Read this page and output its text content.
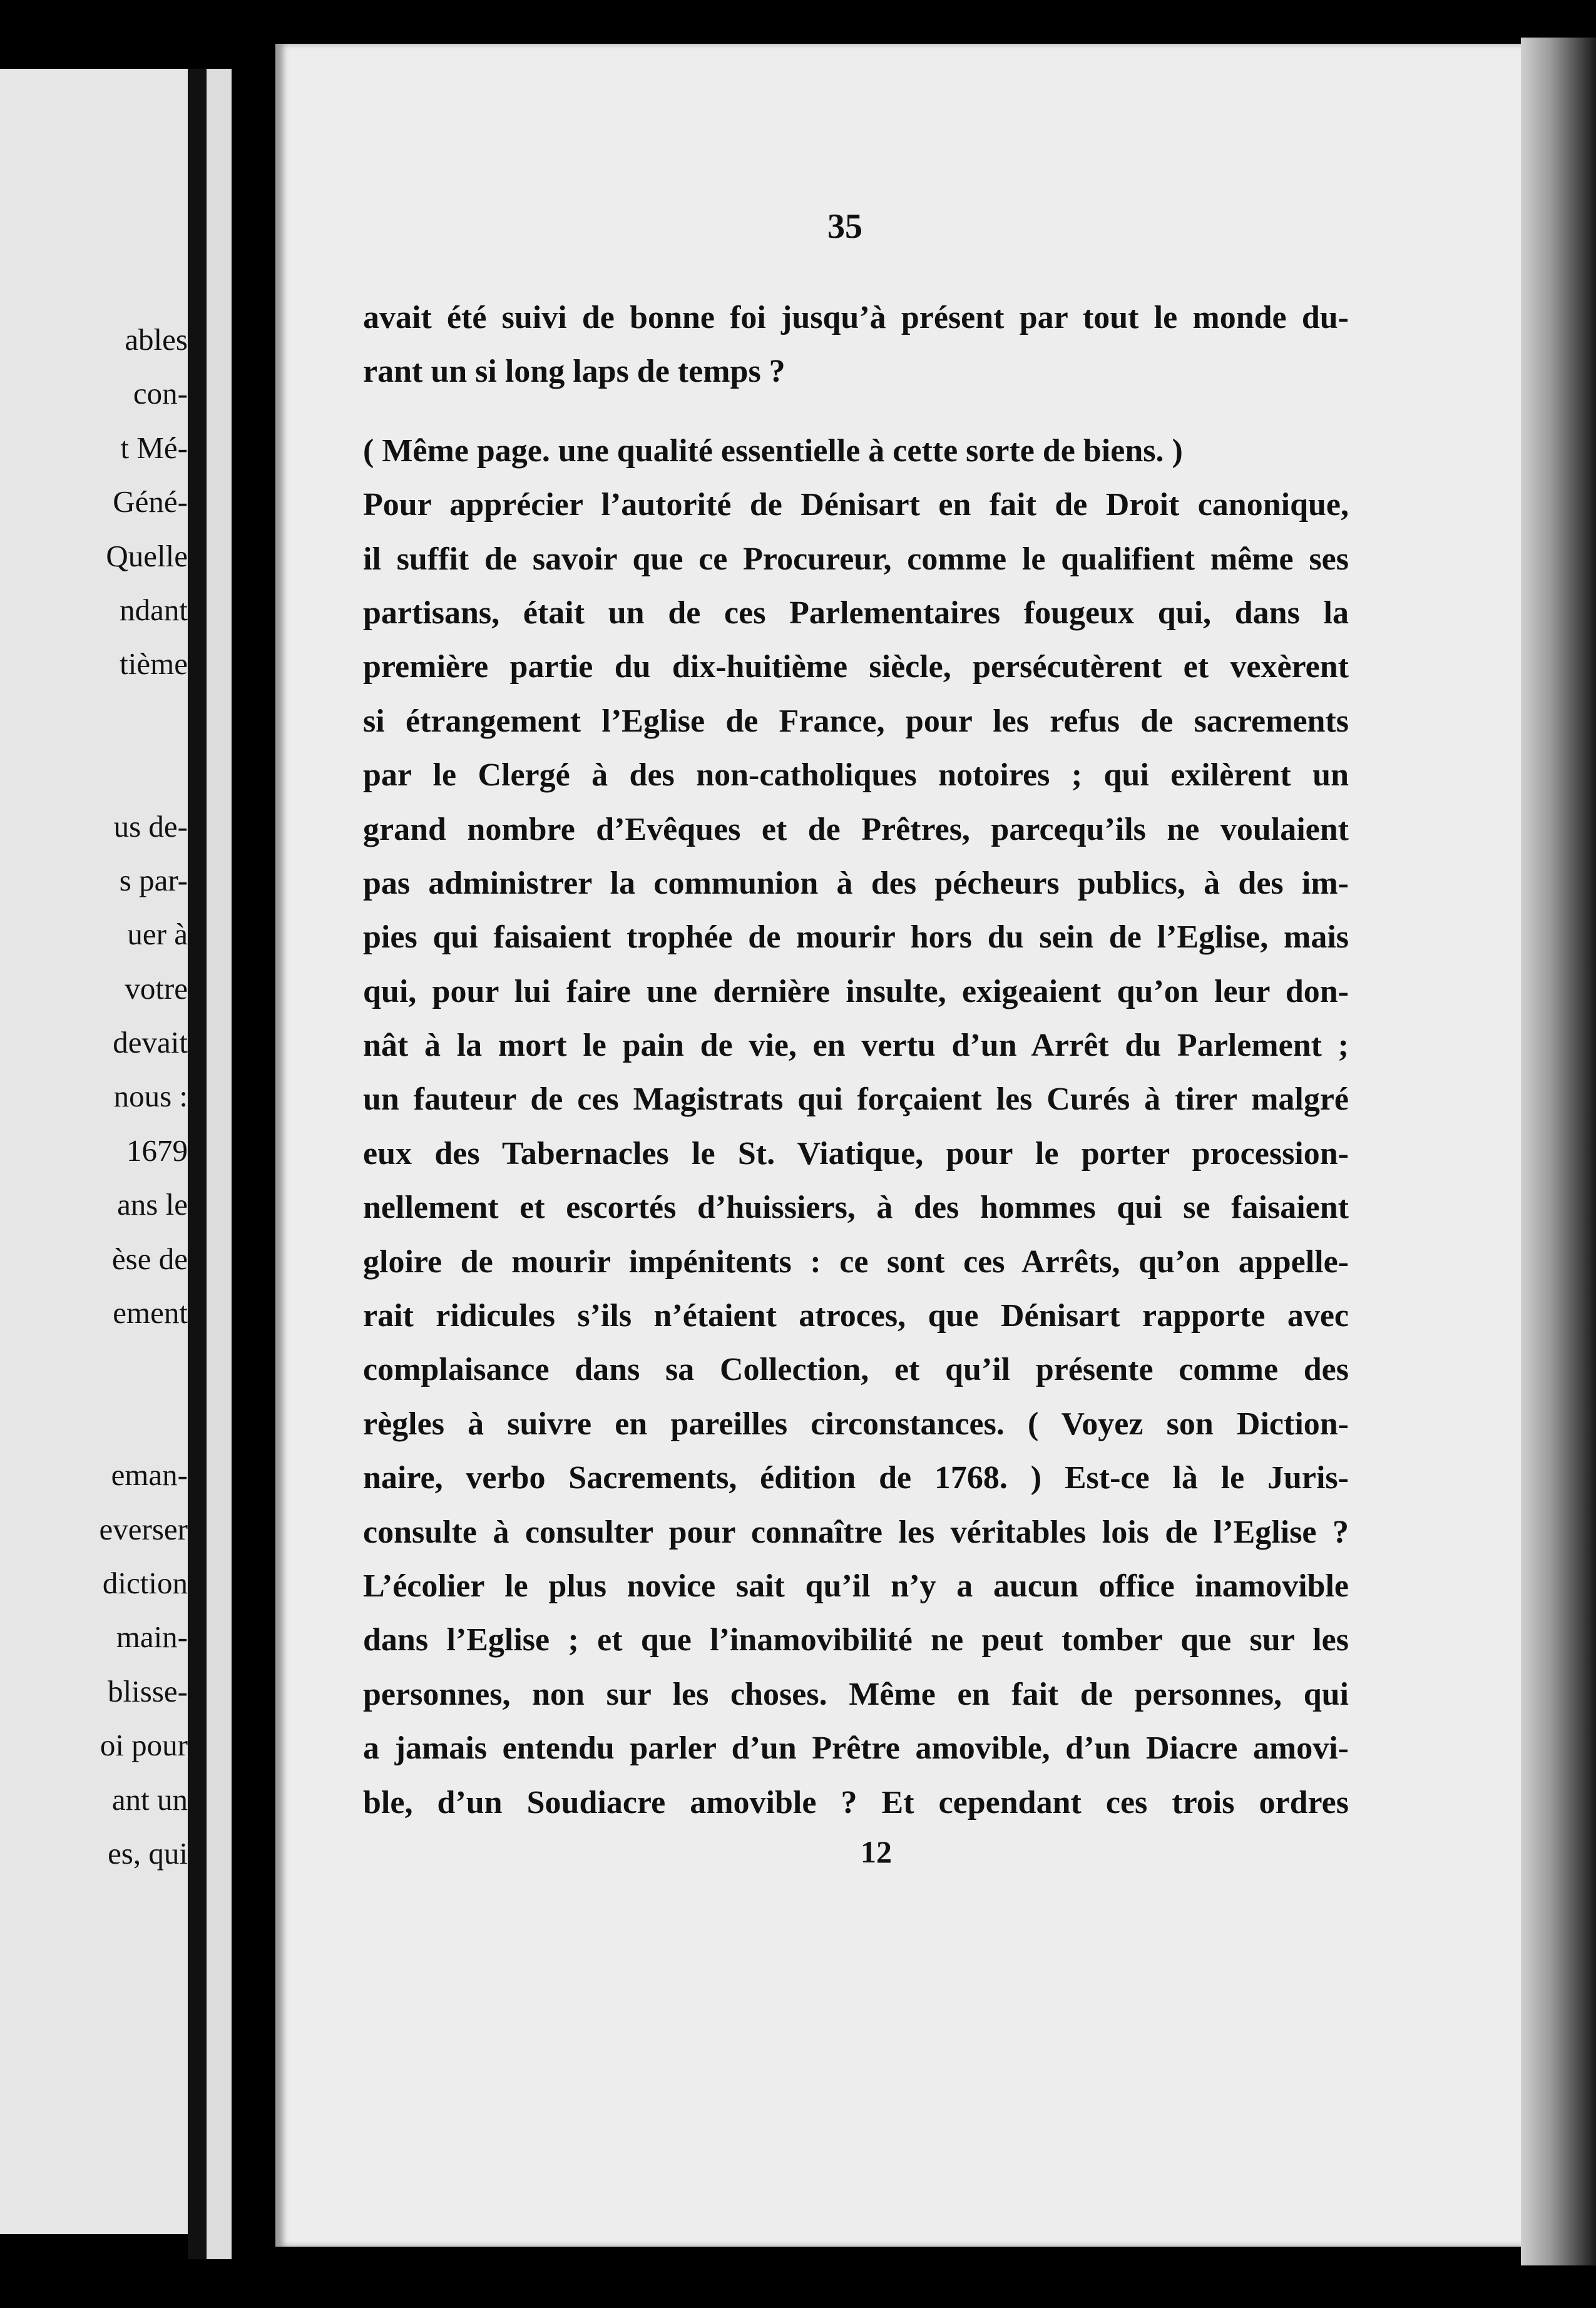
ables
con-
t Mé-
Géné-
Quelle
ndant
tième
us de-
s par-
uer à
votre
devait
nous :
1679
ans le
èse de
ement
eman-
everser
diction
main-
blisse-
oi pour
ant un
es, qui
35
avait été suivi de bonne foi jusqu’à présent par tout le monde du-
rant un si long laps de temps ?
( Même page. une qualité essentielle à cette sorte de biens. )
Pour apprécier l’autorité de Dénisart en fait de Droit canonique,
il suffit de savoir que ce Procureur, comme le qualifient même ses
partisans, était un de ces Parlementaires fougeux qui, dans la
première partie du dix-huitième siècle, persécutèrent et vexèrent
si étrangement l’Eglise de France, pour les refus de sacrements
par le Clergé à des non-catholiques notoires ; qui exilèrent un
grand nombre d’Evêques et de Prêtres, parcequ’ils ne voulaient
pas administrer la communion à des pécheurs publics, à des im-
pies qui faisaient trophée de mourir hors du sein de l’Eglise, mais
qui, pour lui faire une dernière insulte, exigeaient qu’on leur don-
nât à la mort le pain de vie, en vertu d’un Arrêt du Parlement ;
un fauteur de ces Magistrats qui forçaient les Curés à tirer malgré
eux des Tabernacles le St. Viatique, pour le porter procession-
nellement et escortés d’huissiers, à des hommes qui se faisaient
gloire de mourir impénitents : ce sont ces Arrêts, qu’on appelle-
rait ridicules s’ils n’étaient atroces, que Dénisart rapporte avec
complaisance dans sa Collection, et qu’il présente comme des
règles à suivre en pareilles circonstances. ( Voyez son Diction-
naire, verbo Sacrements, édition de 1768. ) Est-ce là le Juris-
consulte à consulter pour connaître les véritables lois de l’Eglise ?
L’écolier le plus novice sait qu’il n’y a aucun office inamovible
dans l’Eglise ; et que l’inamovibilité ne peut tomber que sur les
personnes, non sur les choses. Même en fait de personnes, qui
a jamais entendu parler d’un Prêtre amovible, d’un Diacre amovi-
ble, d’un Soudiacre amovible ? Et cependant ces trois ordres
12
